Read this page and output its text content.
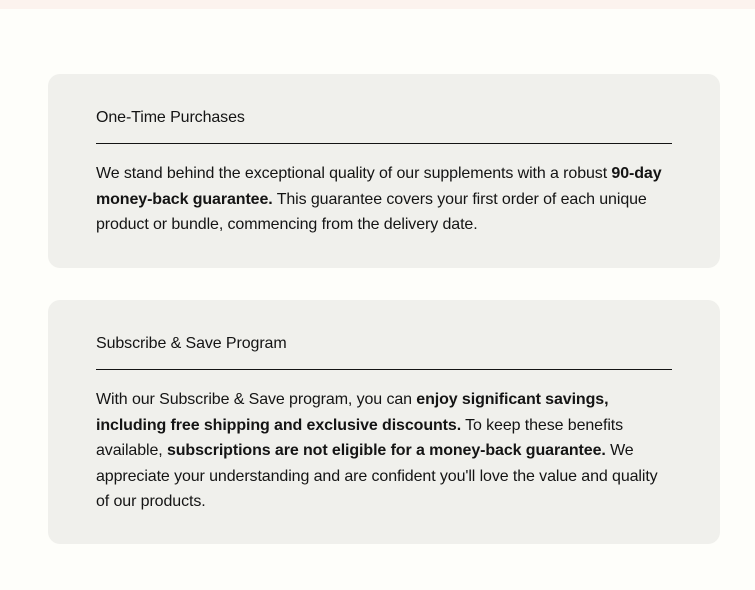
One-Time Purchases

We stand behind the exceptional quality of our supplements with a robust 90-day money-back guarantee. This guarantee covers your first order of each unique product or bundle, commencing from the delivery date.

Subscribe & Save Program

With our Subscribe & Save program, you can enjoy significant savings, including free shipping and exclusive discounts. To keep these benefits available, subscriptions are not eligible for a money-back guarantee. We appreciate your understanding and are confident you'll love the value and quality of our products.
